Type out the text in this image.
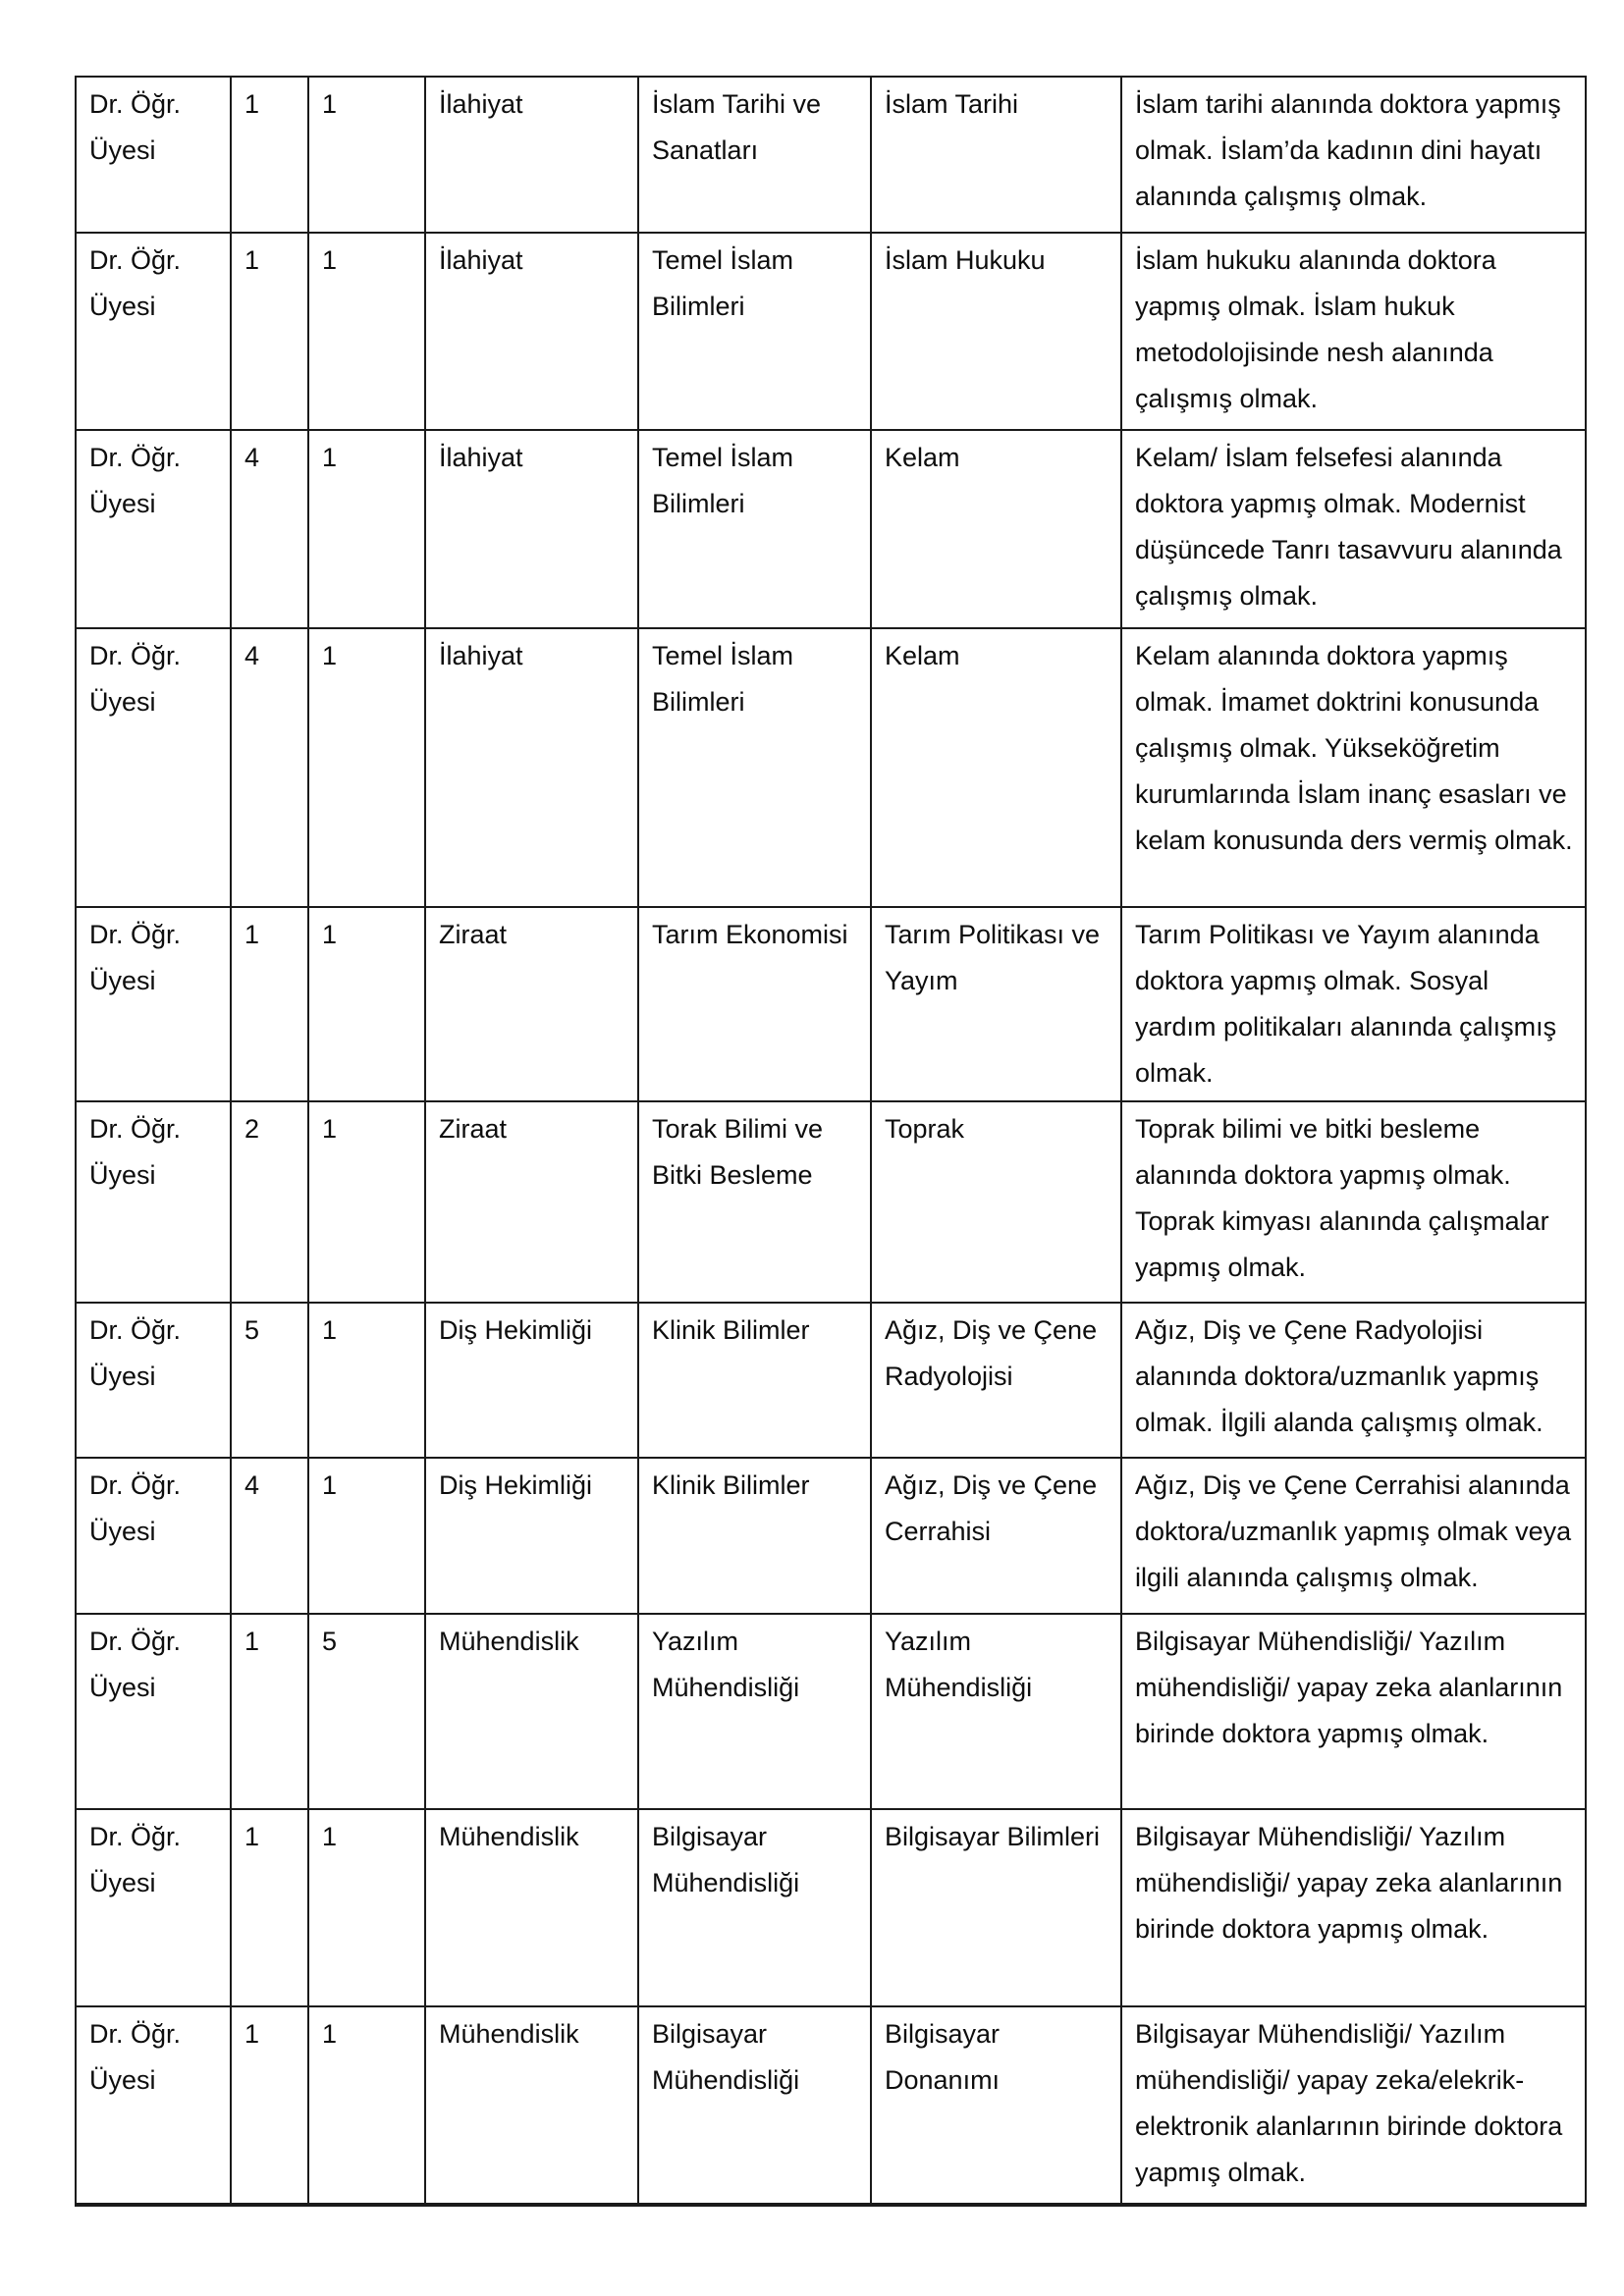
Dr. Öğr. Üyesi	1	1	İlahiyat	İslam Tarihi ve Sanatları	İslam Tarihi	İslam tarihi alanında doktora yapmış olmak. İslam’da kadının dini hayatı alanında çalışmış olmak.
Dr. Öğr. Üyesi	1	1	İlahiyat	Temel İslam Bilimleri	İslam Hukuku	İslam hukuku alanında doktora yapmış olmak. İslam hukuk metodolojisinde nesh alanında çalışmış olmak.
Dr. Öğr. Üyesi	4	1	İlahiyat	Temel İslam Bilimleri	Kelam	Kelam/ İslam felsefesi alanında doktora yapmış olmak. Modernist düşüncede Tanrı tasavvuru alanında çalışmış olmak.
Dr. Öğr. Üyesi	4	1	İlahiyat	Temel İslam Bilimleri	Kelam	Kelam alanında doktora yapmış olmak. İmamet doktrini konusunda çalışmış olmak. Yükseköğretim kurumlarında İslam inanç esasları ve kelam konusunda ders vermiş olmak.
Dr. Öğr. Üyesi	1	1	Ziraat	Tarım Ekonomisi	Tarım Politikası ve Yayım	Tarım Politikası ve Yayım alanında doktora yapmış olmak. Sosyal yardım politikaları alanında çalışmış olmak.
Dr. Öğr. Üyesi	2	1	Ziraat	Torak Bilimi ve Bitki Besleme	Toprak	Toprak bilimi ve bitki besleme alanında doktora yapmış olmak. Toprak kimyası alanında çalışmalar yapmış olmak.
Dr. Öğr. Üyesi	5	1	Diş Hekimliği	Klinik Bilimler	Ağız, Diş ve Çene Radyolojisi	Ağız, Diş ve Çene Radyolojisi alanında doktora/uzmanlık yapmış olmak. İlgili alanda çalışmış olmak.
Dr. Öğr. Üyesi	4	1	Diş Hekimliği	Klinik Bilimler	Ağız, Diş ve Çene Cerrahisi	Ağız, Diş ve Çene Cerrahisi alanında doktora/uzmanlık yapmış olmak veya ilgili alanında çalışmış olmak.
Dr. Öğr. Üyesi	1	5	Mühendislik	Yazılım Mühendisliği	Yazılım Mühendisliği	Bilgisayar Mühendisliği/ Yazılım mühendisliği/ yapay zeka alanlarının birinde doktora yapmış olmak.
Dr. Öğr. Üyesi	1	1	Mühendislik	Bilgisayar Mühendisliği	Bilgisayar Bilimleri	Bilgisayar Mühendisliği/ Yazılım mühendisliği/ yapay zeka alanlarının birinde doktora yapmış olmak.
Dr. Öğr. Üyesi	1	1	Mühendislik	Bilgisayar Mühendisliği	Bilgisayar Donanımı	Bilgisayar Mühendisliği/ Yazılım mühendisliği/ yapay zeka/elekrik-elektronik alanlarının birinde doktora yapmış olmak.
